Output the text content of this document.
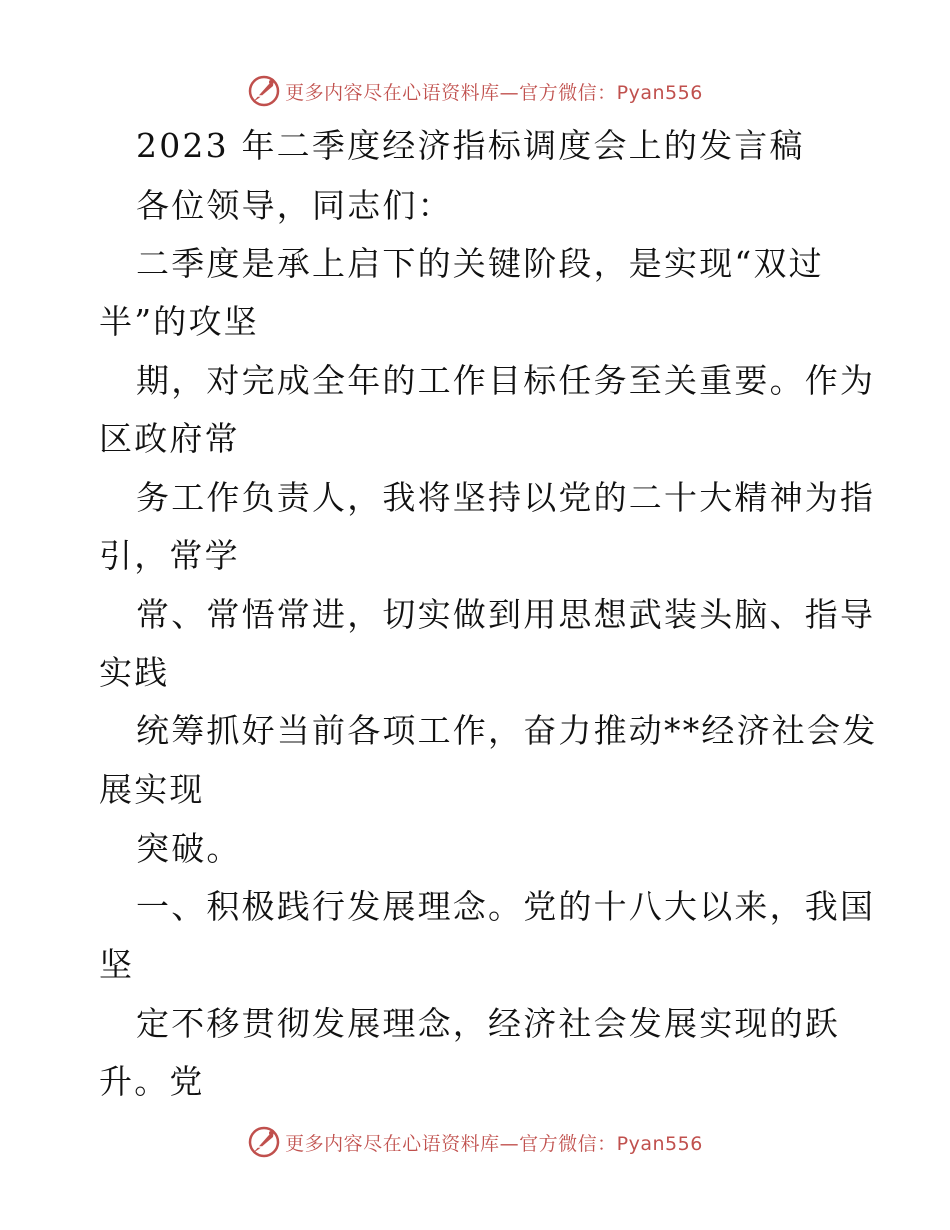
更多内容尽在心语资料库—官方微信：Pyan556
2023 年二季度经济指标调度会上的发言稿
各位领导，同志们：
二季度是承上启下的关键阶段，是实现“双过
半”的攻坚
期，对完成全年的工作目标任务至关重要。作为
区政府常
务工作负责人，我将坚持以党的二十大精神为指
引，常学
常、常悟常进，切实做到用思想武装头脑、指导
实践
统筹抓好当前各项工作，奋力推动**经济社会发
展实现
突破。
一、积极践行发展理念。党的十八大以来，我国
坚
定不移贯彻发展理念，经济社会发展实现的跃
升。党
更多内容尽在心语资料库—官方微信：Pyan556
